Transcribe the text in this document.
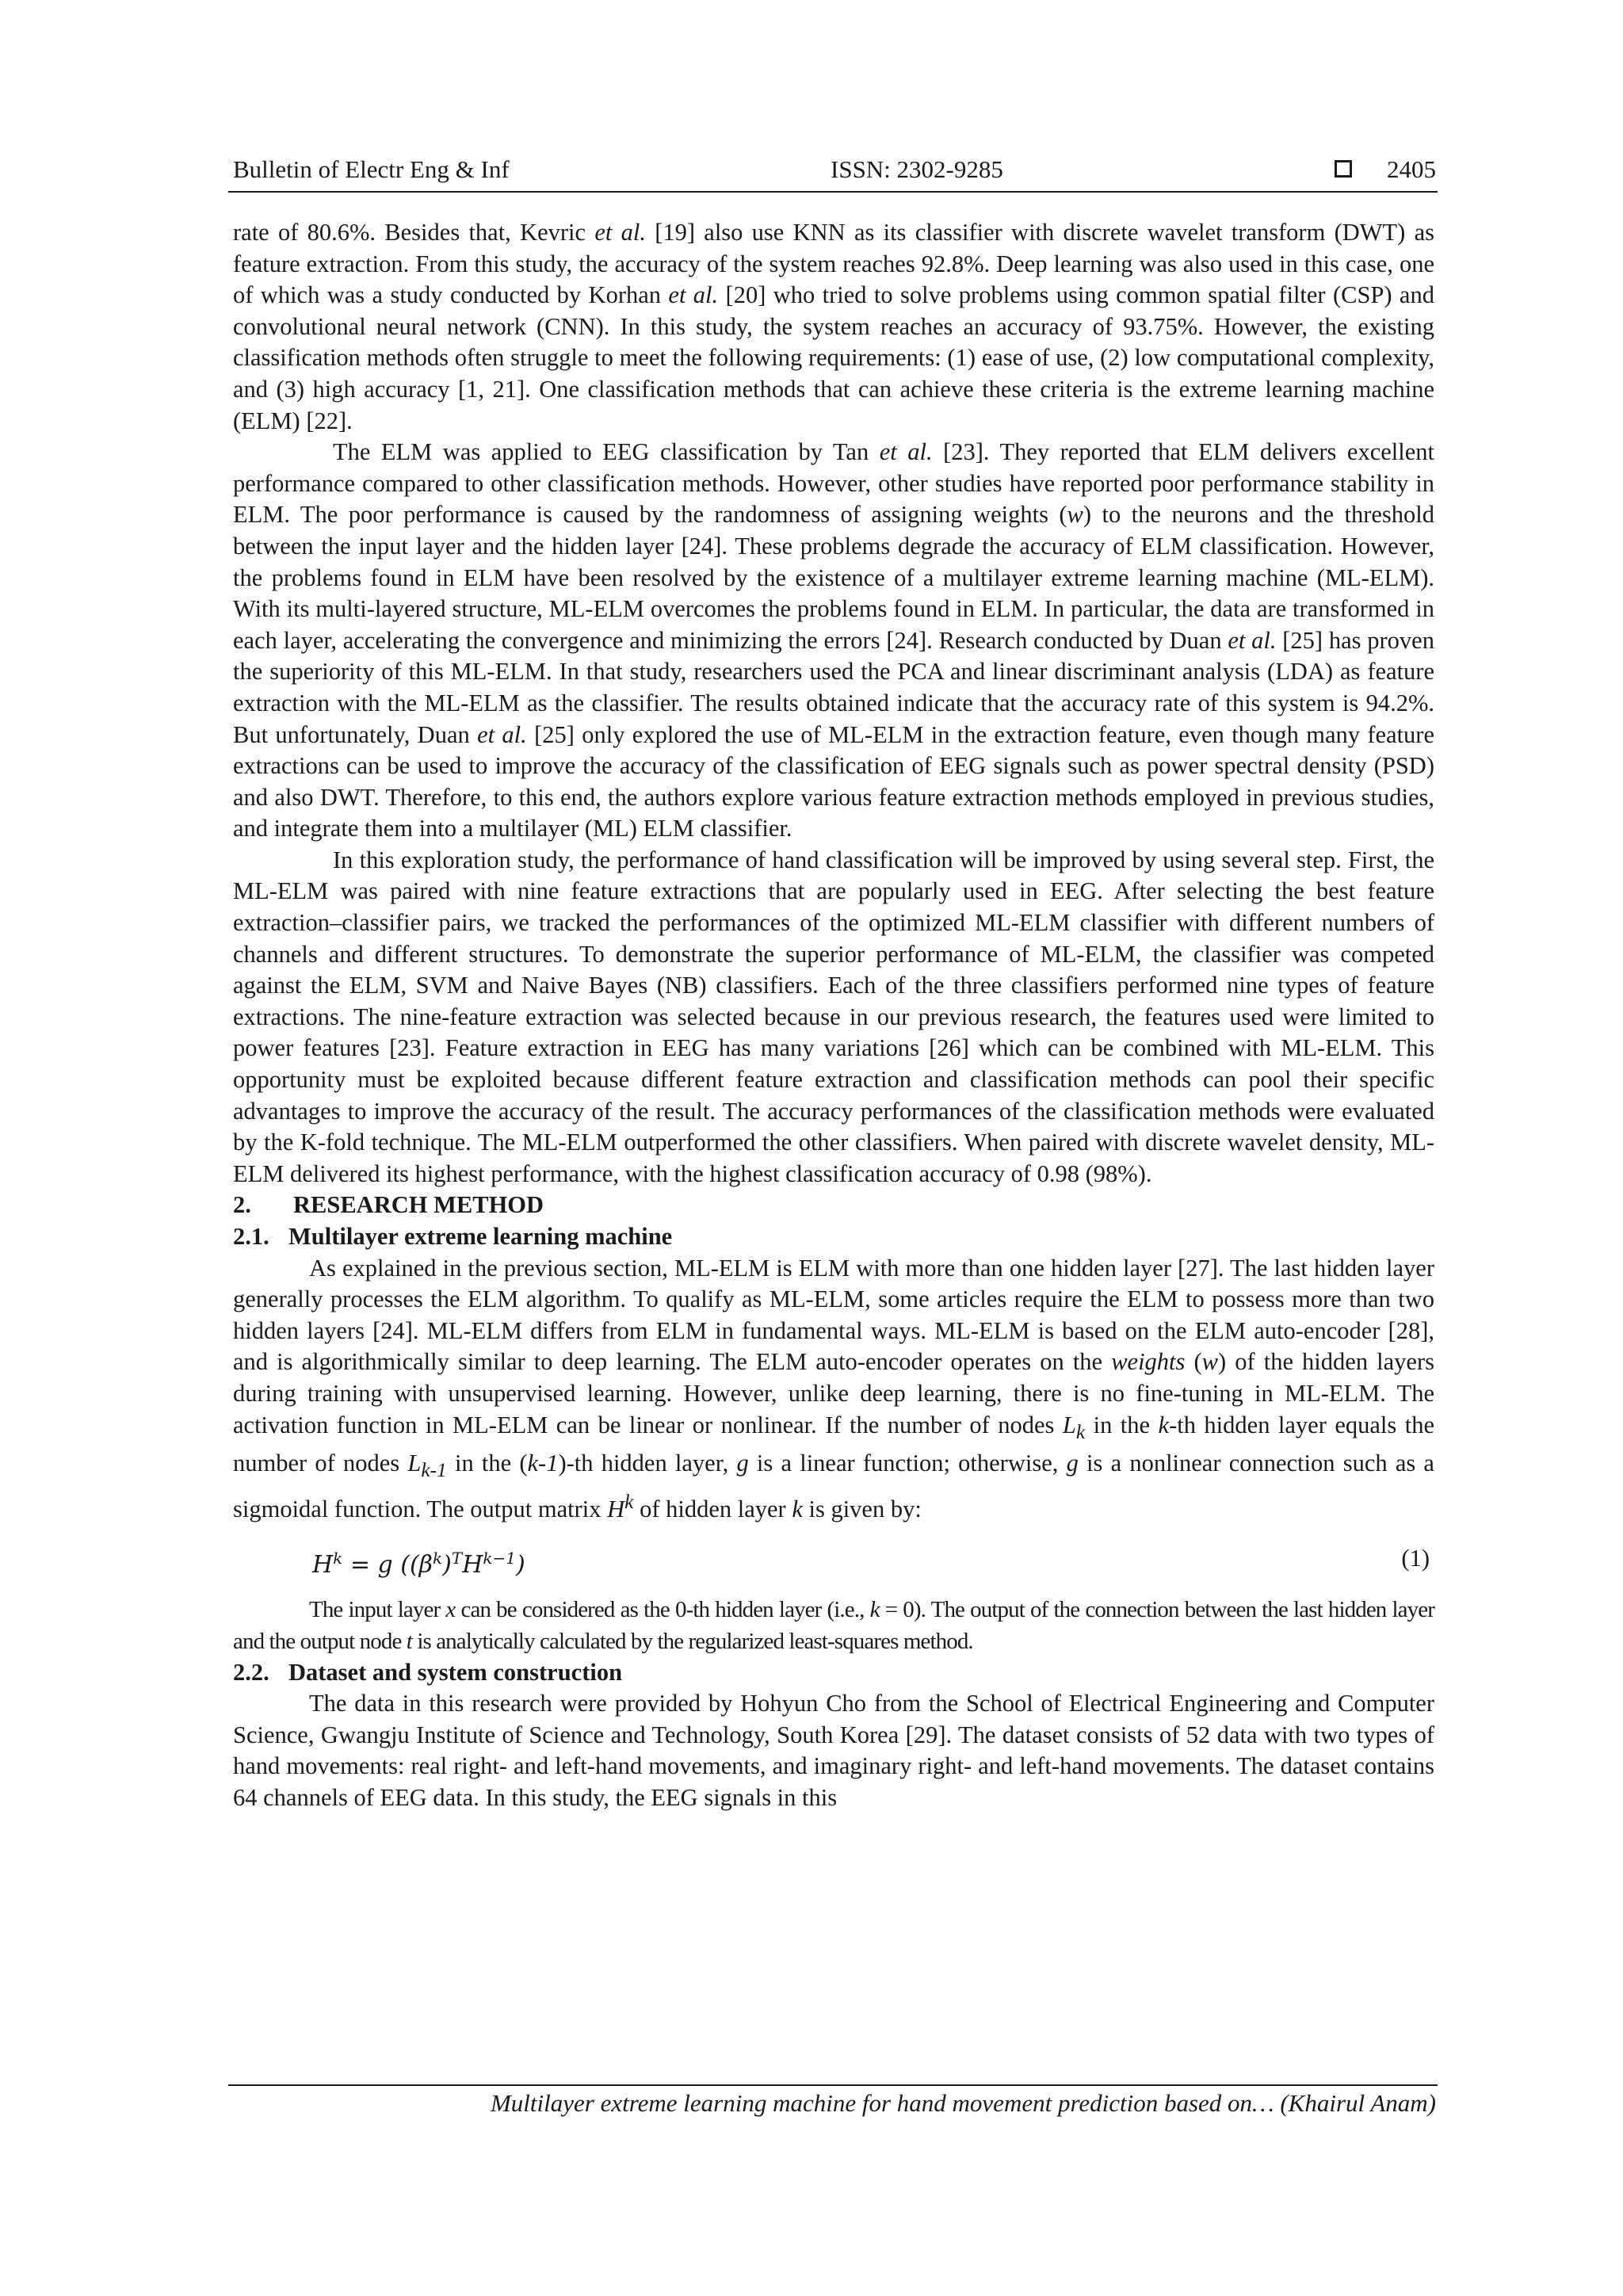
Bulletin of Electr Eng & Inf	ISSN: 2302-9285	2405

rate of 80.6%. Besides that, Kevric et al. [19] also use KNN as its classifier with discrete wavelet transform (DWT) as feature extraction. From this study, the accuracy of the system reaches 92.8%. Deep learning was also used in this case, one of which was a study conducted by Korhan et al. [20] who tried to solve problems using common spatial filter (CSP) and convolutional neural network (CNN). In this study, the system reaches an accuracy of 93.75%. However, the existing classification methods often struggle to meet the following requirements: (1) ease of use, (2) low computational complexity, and (3) high accuracy [1, 21]. One classification methods that can achieve these criteria is the extreme learning machine (ELM) [22].

The ELM was applied to EEG classification by Tan et al. [23]. They reported that ELM delivers excellent performance compared to other classification methods. However, other studies have reported poor performance stability in ELM. The poor performance is caused by the randomness of assigning weights (w) to the neurons and the threshold between the input layer and the hidden layer [24]. These problems degrade the accuracy of ELM classification. However, the problems found in ELM have been resolved by the existence of a multilayer extreme learning machine (ML-ELM). With its multi-layered structure, ML-ELM overcomes the problems found in ELM. In particular, the data are transformed in each layer, accelerating the convergence and minimizing the errors [24]. Research conducted by Duan et al. [25] has proven the superiority of this ML-ELM. In that study, researchers used the PCA and linear discriminant analysis (LDA) as feature extraction with the ML-ELM as the classifier. The results obtained indicate that the accuracy rate of this system is 94.2%. But unfortunately, Duan et al. [25] only explored the use of ML-ELM in the extraction feature, even though many feature extractions can be used to improve the accuracy of the classification of EEG signals such as power spectral density (PSD) and also DWT. Therefore, to this end, the authors explore various feature extraction methods employed in previous studies, and integrate them into a multilayer (ML) ELM classifier.

In this exploration study, the performance of hand classification will be improved by using several step. First, the ML-ELM was paired with nine feature extractions that are popularly used in EEG. After selecting the best feature extraction–classifier pairs, we tracked the performances of the optimized ML-ELM classifier with different numbers of channels and different structures. To demonstrate the superior performance of ML-ELM, the classifier was competed against the ELM, SVM and Naive Bayes (NB) classifiers. Each of the three classifiers performed nine types of feature extractions. The nine-feature extraction was selected because in our previous research, the features used were limited to power features [23]. Feature extraction in EEG has many variations [26] which can be combined with ML-ELM. This opportunity must be exploited because different feature extraction and classification methods can pool their specific advantages to improve the accuracy of the result. The accuracy performances of the classification methods were evaluated by the K-fold technique. The ML-ELM outperformed the other classifiers. When paired with discrete wavelet density, ML-ELM delivered its highest performance, with the highest classification accuracy of 0.98 (98%).

2. RESEARCH METHOD

2.1. Multilayer extreme learning machine

As explained in the previous section, ML-ELM is ELM with more than one hidden layer [27]. The last hidden layer generally processes the ELM algorithm. To qualify as ML-ELM, some articles require the ELM to possess more than two hidden layers [24]. ML-ELM differs from ELM in fundamental ways. ML-ELM is based on the ELM auto-encoder [28], and is algorithmically similar to deep learning. The ELM auto-encoder operates on the weights (w) of the hidden layers during training with unsupervised learning. However, unlike deep learning, there is no fine-tuning in ML-ELM. The activation function in ML-ELM can be linear or nonlinear. If the number of nodes $L_k$ in the k-th hidden layer equals the number of nodes $L_{k-1}$ in the (k-1)-th hidden layer, g is a linear function; otherwise, g is a nonlinear connection such as a sigmoidal function. The output matrix $H^k$ of hidden layer k is given by:

$H^k = g$ $((\beta^k)^TH^{k-1})$	(1)

The input layer x can be considered as the 0-th hidden layer (i.e., k = 0). The output of the connection between the last hidden layer and the output node t is analytically calculated by the regularized least-squares method.

2.2. Dataset and system construction

The data in this research were provided by Hohyun Cho from the School of Electrical Engineering and Computer Science, Gwangju Institute of Science and Technology, South Korea [29]. The dataset consists of 52 data with two types of hand movements: real right- and left-hand movements, and imaginary right- and left-hand movements. The dataset contains 64 channels of EEG data. In this study, the EEG signals in this

Multilayer extreme learning machine for hand movement prediction based on… (Khairul Anam)
